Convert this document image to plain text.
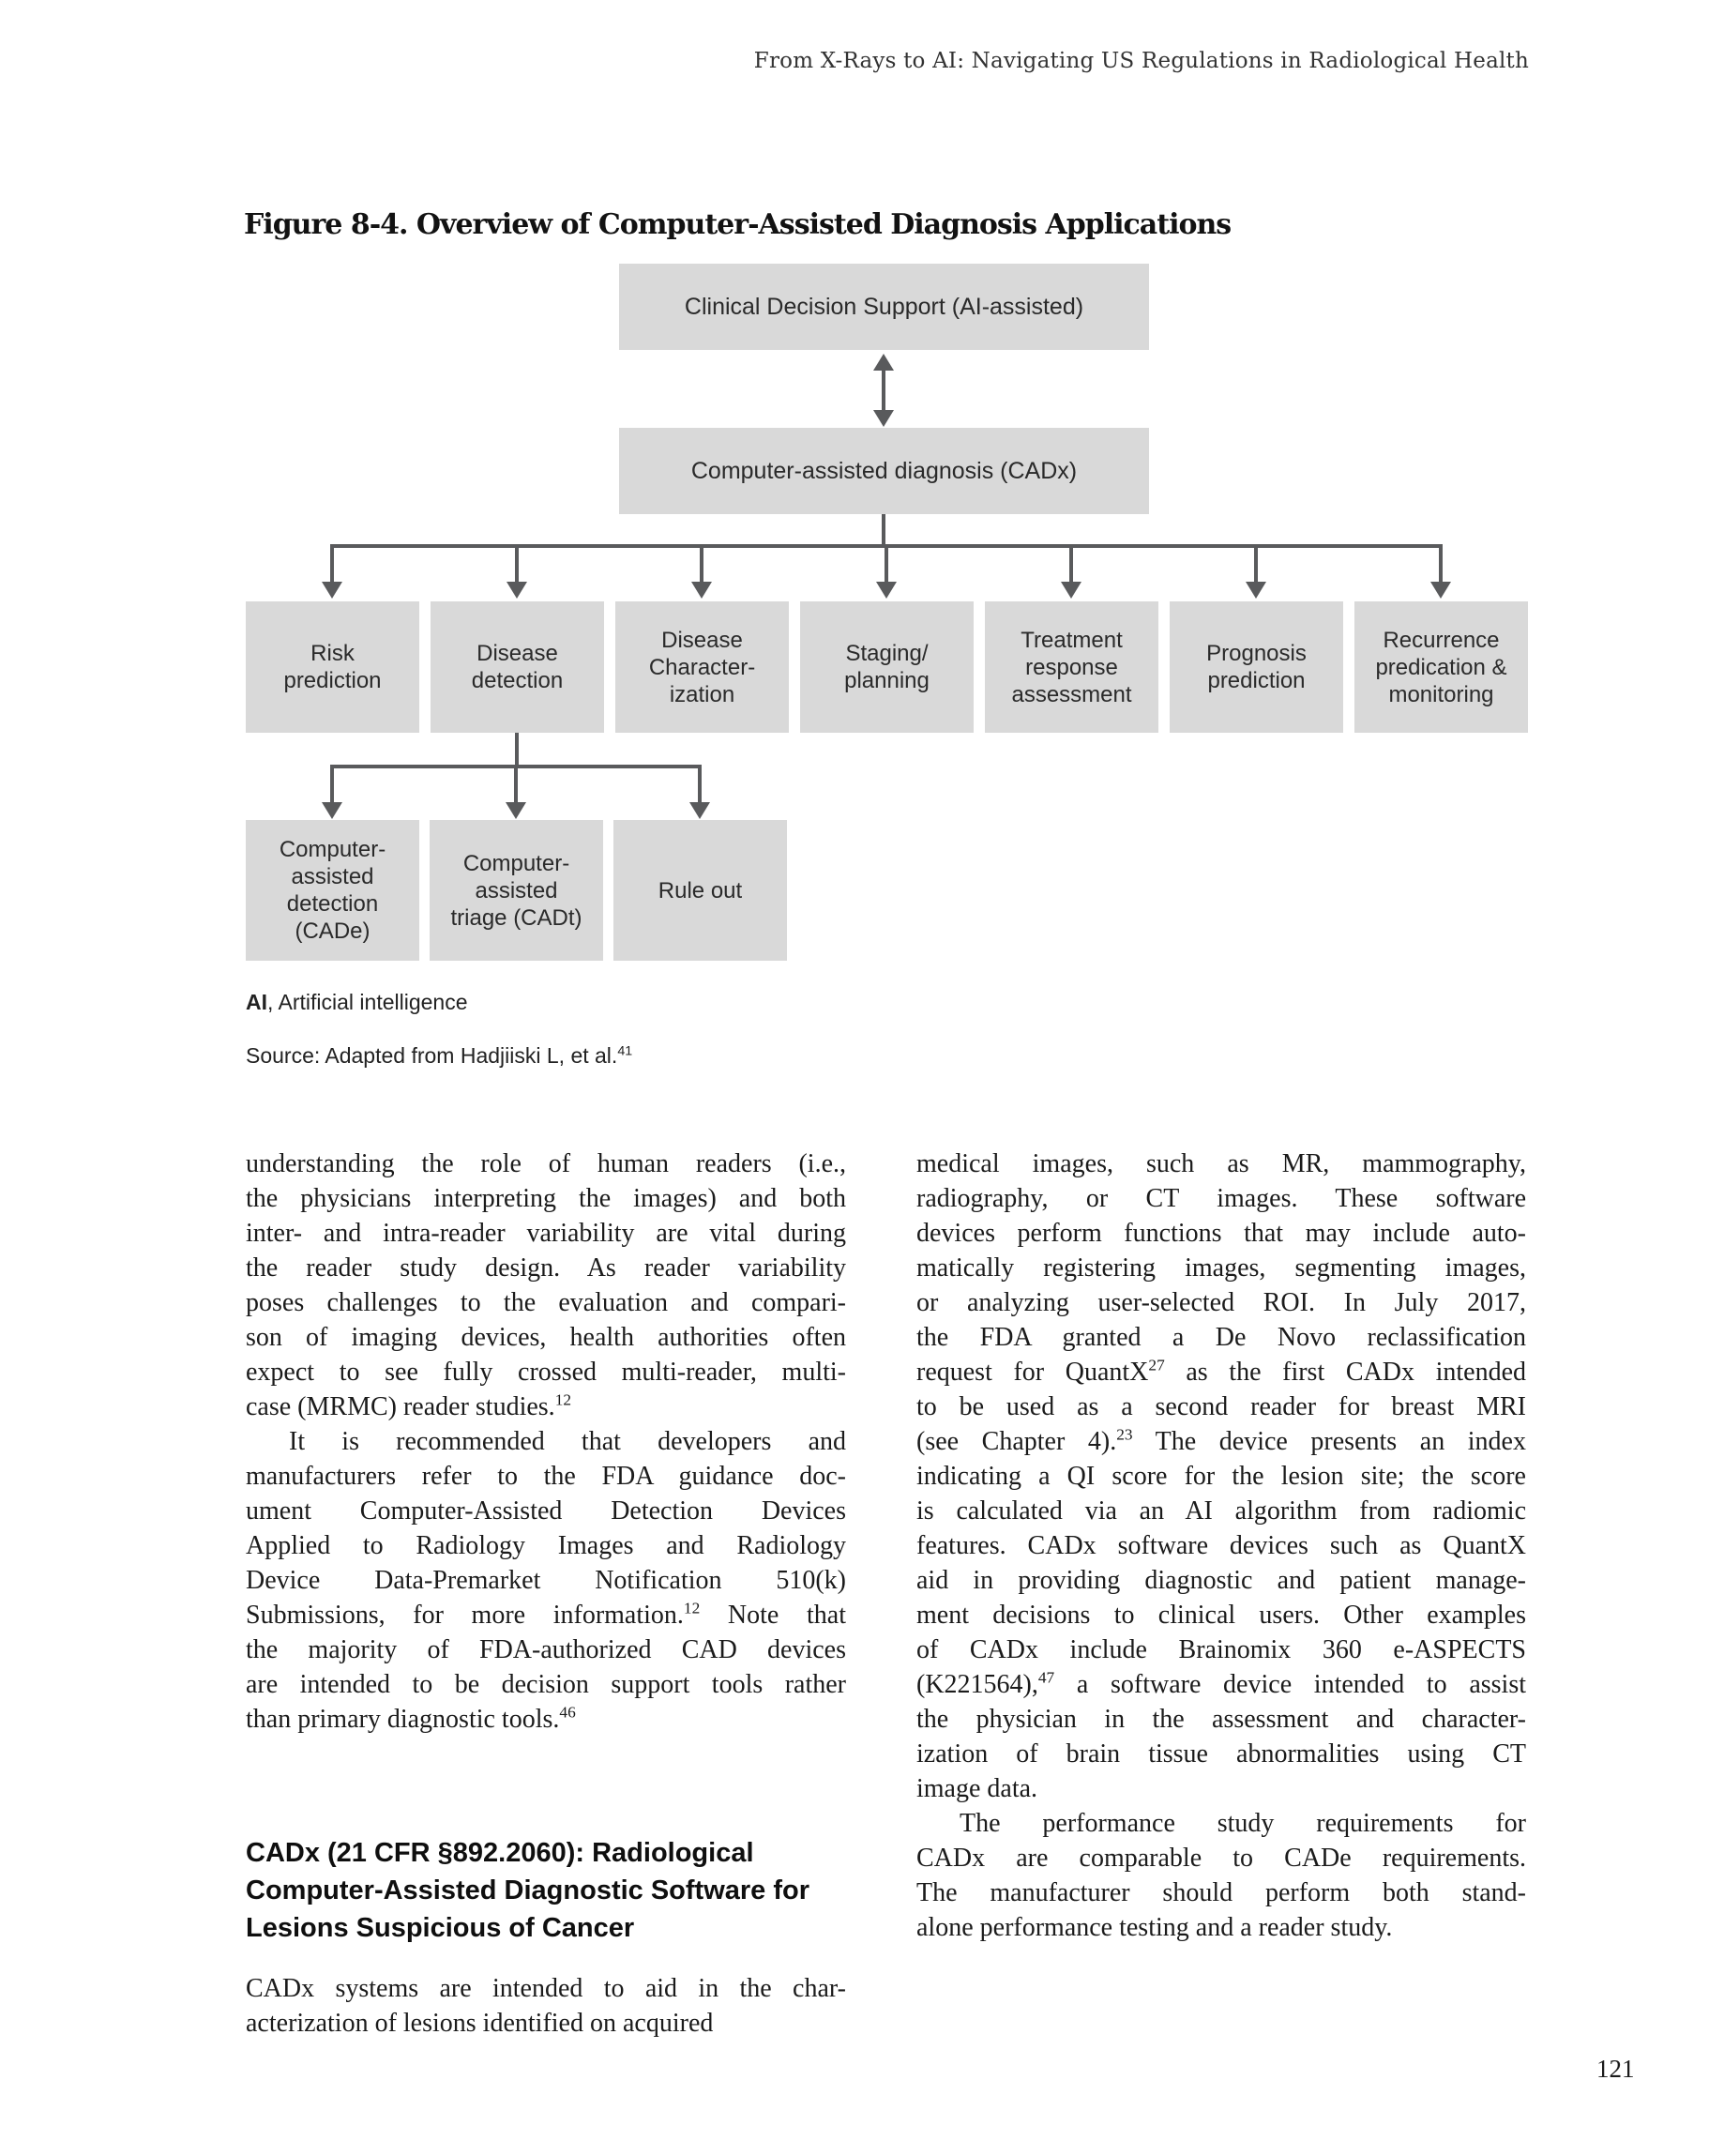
From X-Rays to AI: Navigating US Regulations in Radiological Health
Figure 8-4. Overview of Computer-Assisted Diagnosis Applications
Clinical Decision Support (AI-assisted)
Computer-assisted diagnosis (CADx)
Risk
prediction
Disease
detection
Disease
Character-
ization
Staging/
planning
Treatment
response
assessment
Prognosis
prediction
Recurrence
predication &
monitoring
Computer-
assisted
detection
(CADe)
Computer-
assisted
triage (CADt)
Rule out
AI, Artificial intelligence
Source: Adapted from Hadjiiski L, et al.$^{41}$
understanding the role of human readers (i.e.,
the physicians interpreting the images) and both
inter- and intra-reader variability are vital during
the reader study design. As reader variability
poses challenges to the evaluation and compari-
son of imaging devices, health authorities often
expect to see fully crossed multi-reader, multi-
case (MRMC) reader studies.$^{12}$
It is recommended that developers and
manufacturers refer to the FDA guidance doc-
ument Computer-Assisted Detection Devices
Applied to Radiology Images and Radiology
Device Data-Premarket Notification 510(k)
Submissions, for more information.$^{12}$ Note that
the majority of FDA-authorized CAD devices
are intended to be decision support tools rather
than primary diagnostic tools.$^{46}$
CADx (21 CFR §892.2060): Radiological
Computer-Assisted Diagnostic Software for
Lesions Suspicious of Cancer
CADx systems are intended to aid in the char-
acterization of lesions identified on acquired
medical images, such as MR, mammography,
radiography, or CT images. These software
devices perform functions that may include auto-
matically registering images, segmenting images,
or analyzing user-selected ROI. In July 2017,
the FDA granted a De Novo reclassification
request for QuantX$^{27}$ as the first CADx intended
to be used as a second reader for breast MRI
(see Chapter 4).$^{23}$ The device presents an index
indicating a QI score for the lesion site; the score
is calculated via an AI algorithm from radiomic
features. CADx software devices such as QuantX
aid in providing diagnostic and patient manage-
ment decisions to clinical users. Other examples
of CADx include Brainomix 360 e-ASPECTS
(K221564),$^{47}$ a software device intended to assist
the physician in the assessment and character-
ization of brain tissue abnormalities using CT
image data.
The performance study requirements for
CADx are comparable to CADe requirements.
The manufacturer should perform both stand-
alone performance testing and a reader study.
121
